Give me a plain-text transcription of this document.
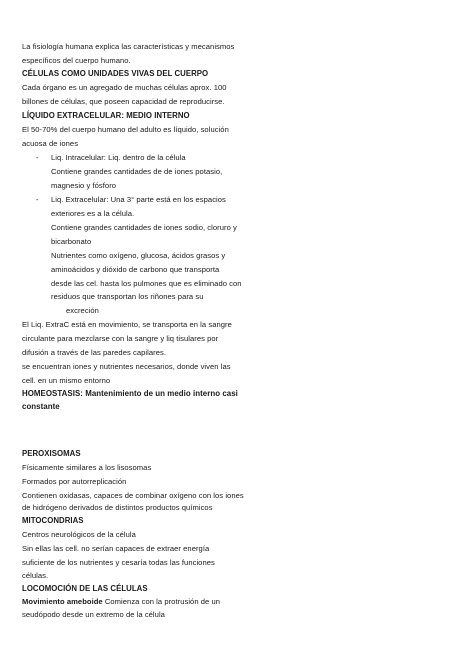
La fisiología humana explica las características y mecanismos
específicos del cuerpo humano.
CÉLULAS COMO UNIDADES VIVAS DEL CUERPO
Cada órgano es un agregado de muchas células aprox. 100
billones de células, que poseen capacidad de reproducirse.
LÍQUIDO EXTRACELULAR: MEDIO INTERNO
El 50-70% del cuerpo humano del adulto es líquido, solución
acuosa de iones
- Liq. Intracelular: Liq. dentro de la célula
Contiene grandes cantidades de de iones potasio,
magnesio y fósforo
- Liq. Extracelular: Una 3° parte está en los espacios
exteriores es a la célula.
Contiene grandes cantidades de iones sodio, cloruro y
bicarbonato
Nutrientes como oxígeno, glucosa, ácidos grasos y
aminoácidos y dióxido de carbono que transporta
desde las cel. hasta los pulmones que es eliminado con
residuos que transportan los riñones para su
excreción
El Liq. ExtraC está en movimiento, se transporta en la sangre
circulante para mezclarse con la sangre y liq tisulares por
difusión a través de las paredes capilares.
se encuentran iones y nutrientes necesarios, donde viven las
cell. en un mismo entorno
HOMEOSTASIS: Mantenimiento de un medio interno casi
constante
PEROXISOMAS
Físicamente similares a los lisosomas
Formados por autorreplicación
Contienen oxidasas, capaces de combinar oxígeno con los iones
de hidrógeno derivados de distintos productos químicos
MITOCONDRIAS
Centros neurológicos de la célula
Sin ellas las cell. no serían capaces de extraer energía
suficiente de los nutrientes y cesaría todas las funciones
células.
LOCOMOCIÓN DE LAS CÉLULAS
Movimiento ameboide Comienza con la protrusión de un
seudópodo desde un extremo de la célula
